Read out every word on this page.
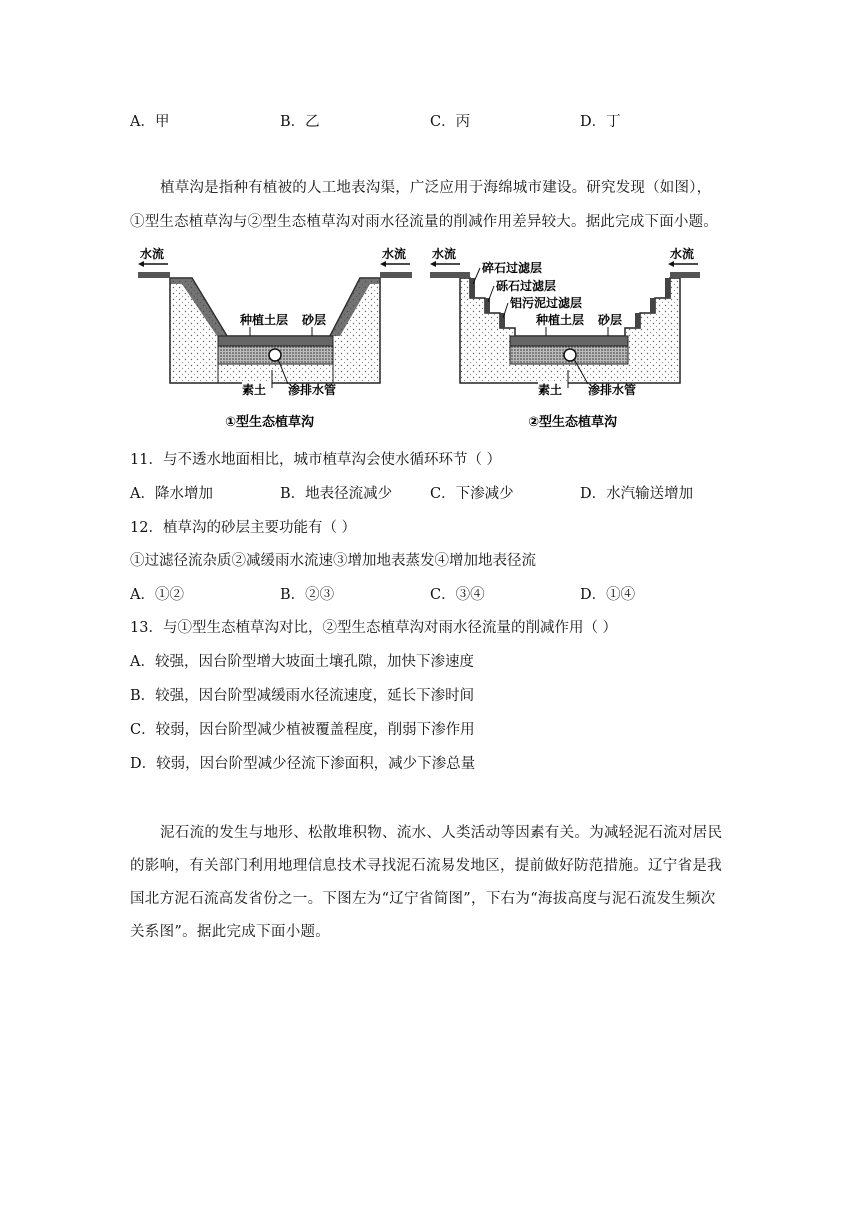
A．甲	B．乙	C．丙	D．丁
植草沟是指种有植被的人工地表沟渠，广泛应用于海绵城市建设。研究发现（如图），
①型生态植草沟与②型生态植草沟对雨水径流量的削减作用差异较大。据此完成下面小题。
水流	水流
种植土层 砂层
素土 渗排水管
①型生态植草沟
水流	水流
碎石过滤层
砾石过滤层
铝污泥过滤层
种植土层 砂层
素土 渗排水管
②型生态植草沟
11．与不透水地面相比，城市植草沟会使水循环环节（ ）
A．降水增加	B．地表径流减少	C．下渗减少	D．水汽输送增加
12．植草沟的砂层主要功能有（ ）
①过滤径流杂质②减缓雨水流速③增加地表蒸发④增加地表径流
A．①②	B．②③	C．③④	D．①④
13．与①型生态植草沟对比，②型生态植草沟对雨水径流量的削减作用（ ）
A．较强，因台阶型增大坡面土壤孔隙，加快下渗速度
B．较强，因台阶型减缓雨水径流速度，延长下渗时间
C．较弱，因台阶型减少植被覆盖程度，削弱下渗作用
D．较弱，因台阶型减少径流下渗面积，减少下渗总量

泥石流的发生与地形、松散堆积物、流水、人类活动等因素有关。为减轻泥石流对居民的影响，有关部门利用地理信息技术寻找泥石流易发地区，提前做好防范措施。辽宁省是我国北方泥石流高发省份之一。下图左为“辽宁省简图”，下右为“海拔高度与泥石流发生频次关系图”。据此完成下面小题。
